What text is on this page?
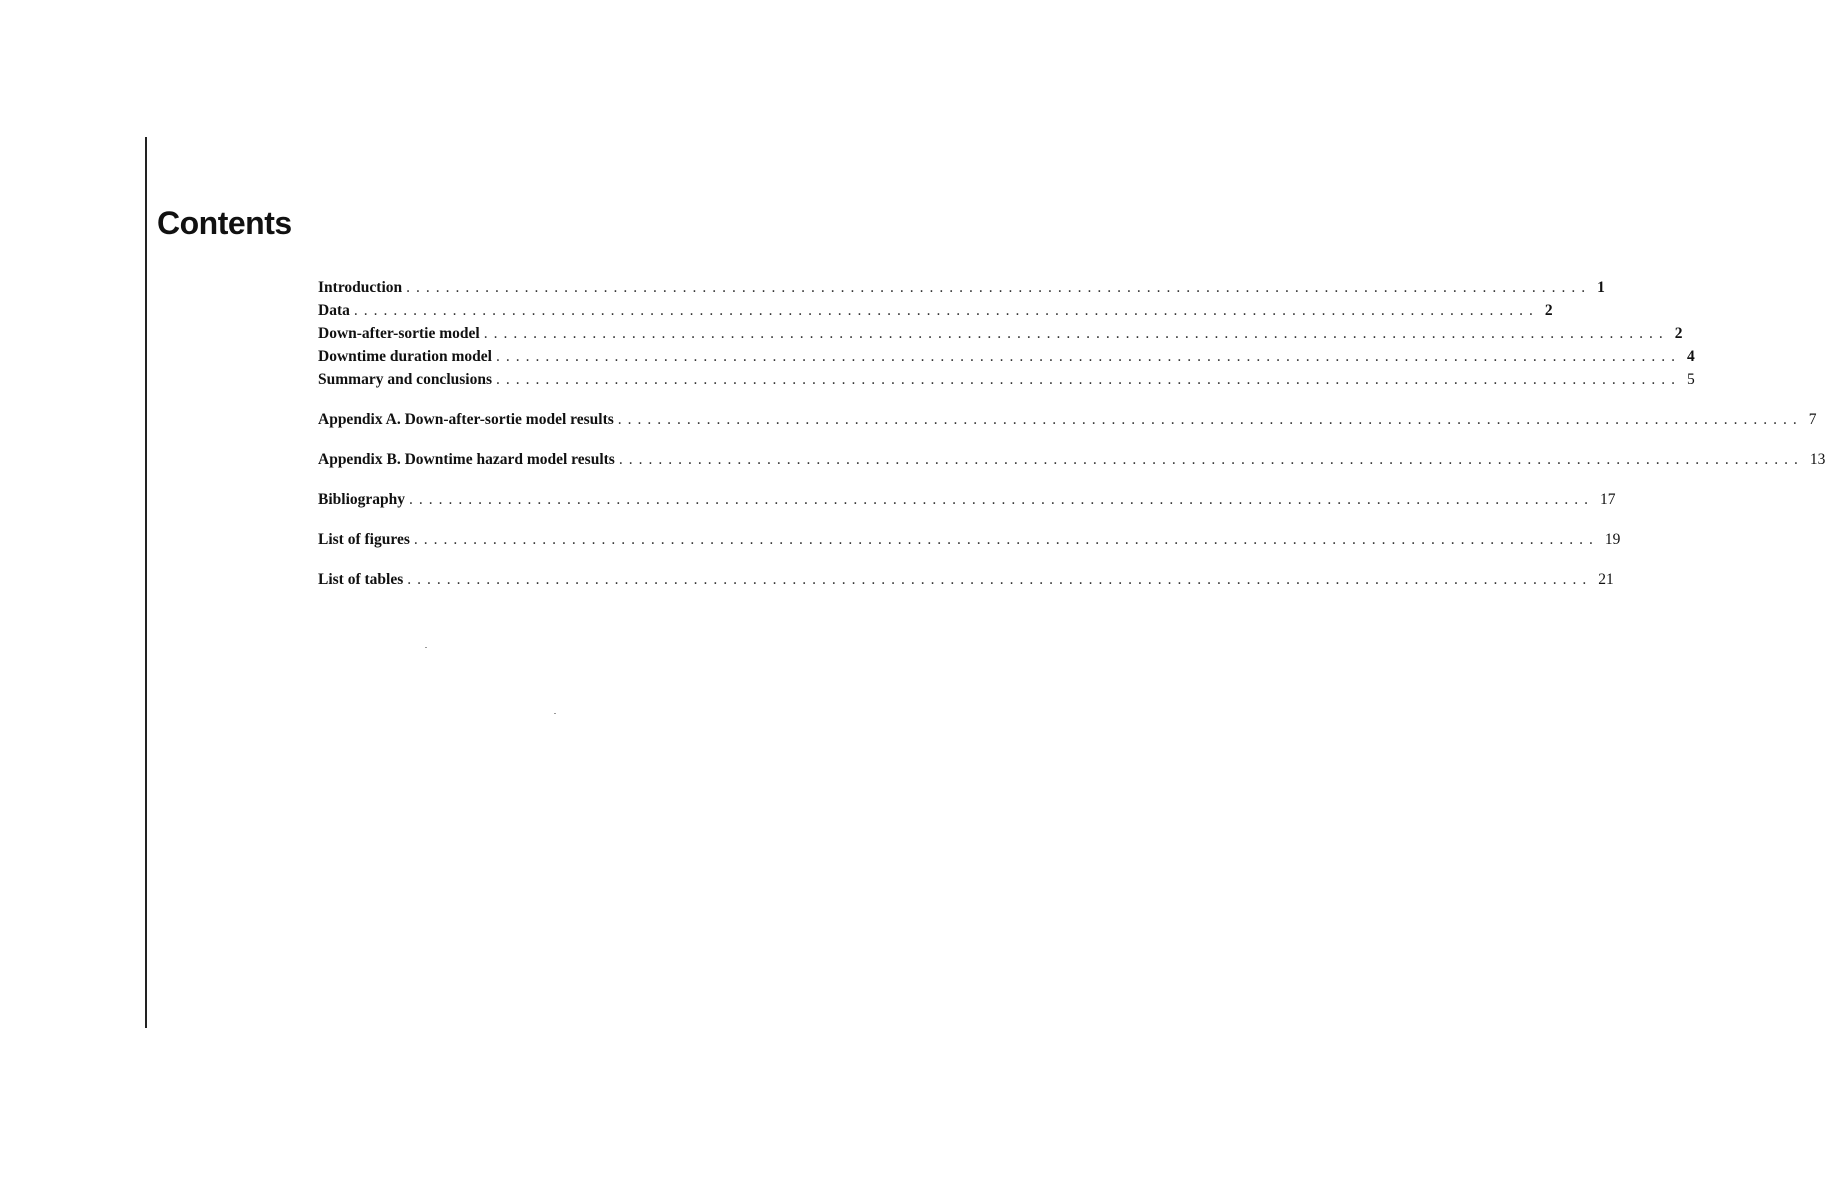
Contents
Introduction ........................................................................................................................ 1
Data ........................................................................................................................ 2
Down-after-sortie model ........................................................................................................................ 2
Downtime duration model ........................................................................................................................ 4
Summary and conclusions ........................................................................................................................ 5
Appendix A. Down-after-sortie model results ........................................................................................................................ 7
Appendix B. Downtime hazard model results ........................................................................................................................ 13
Bibliography ........................................................................................................................ 17
List of figures ........................................................................................................................ 19
List of tables ........................................................................................................................ 21
